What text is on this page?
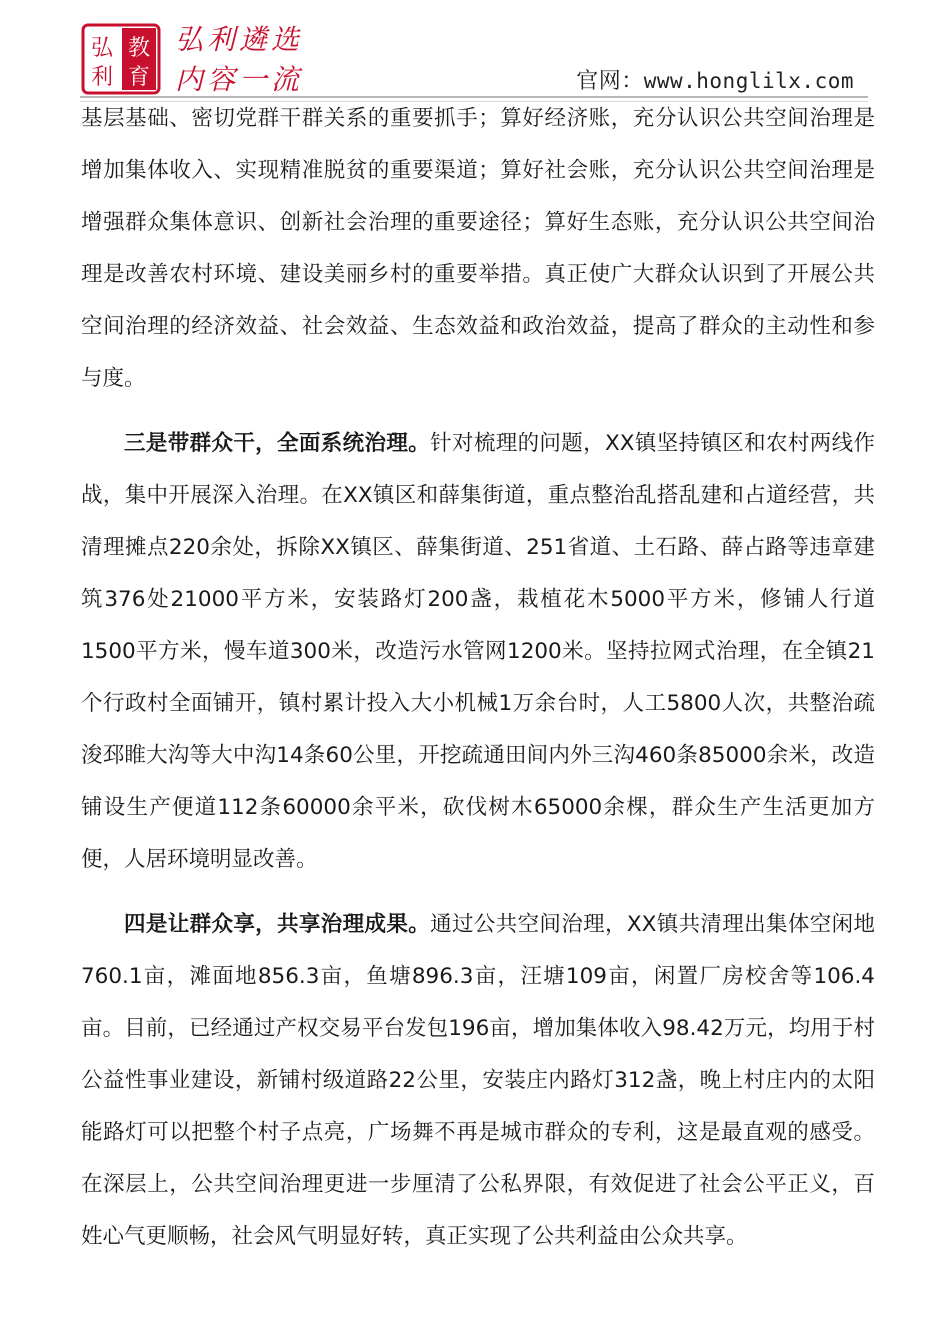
弘
利
教
育
弘利遴选
内容一流	官网：www.honglilx.com

基层基础、密切党群干群关系的重要抓手；算好经济账，充分认识公共空间治理是增加集体收入、实现精准脱贫的重要渠道；算好社会账，充分认识公共空间治理是增强群众集体意识、创新社会治理的重要途径；算好生态账，充分认识公共空间治理是改善农村环境、建设美丽乡村的重要举措。真正使广大群众认识到了开展公共空间治理的经济效益、社会效益、生态效益和政治效益，提高了群众的主动性和参与度。

三是带群众干，全面系统治理。针对梳理的问题，XX镇坚持镇区和农村两线作战，集中开展深入治理。在XX镇区和薛集街道，重点整治乱搭乱建和占道经营，共清理摊点220余处，拆除XX镇区、薛集街道、251省道、土石路、薛占路等违章建筑376处21000平方米，安装路灯200盏，栽植花木5000平方米，修铺人行道1500平方米，慢车道300米，改造污水管网1200米。坚持拉网式治理，在全镇21个行政村全面铺开，镇村累计投入大小机械1万余台时，人工5800人次，共整治疏浚邳睢大沟等大中沟14条60公里，开挖疏通田间内外三沟460条85000余米，改造铺设生产便道112条60000余平米，砍伐树木65000余棵，群众生产生活更加方便，人居环境明显改善。

四是让群众享，共享治理成果。通过公共空间治理，XX镇共清理出集体空闲地760.1亩，滩面地856.3亩，鱼塘896.3亩，汪塘109亩，闲置厂房校舍等106.4亩。目前，已经通过产权交易平台发包196亩，增加集体收入98.42万元，均用于村公益性事业建设，新铺村级道路22公里，安装庄内路灯312盏，晚上村庄内的太阳能路灯可以把整个村子点亮，广场舞不再是城市群众的专利，这是最直观的感受。在深层上，公共空间治理更进一步厘清了公私界限，有效促进了社会公平正义，百姓心气更顺畅，社会风气明显好转，真正实现了公共利益由公众共享。
